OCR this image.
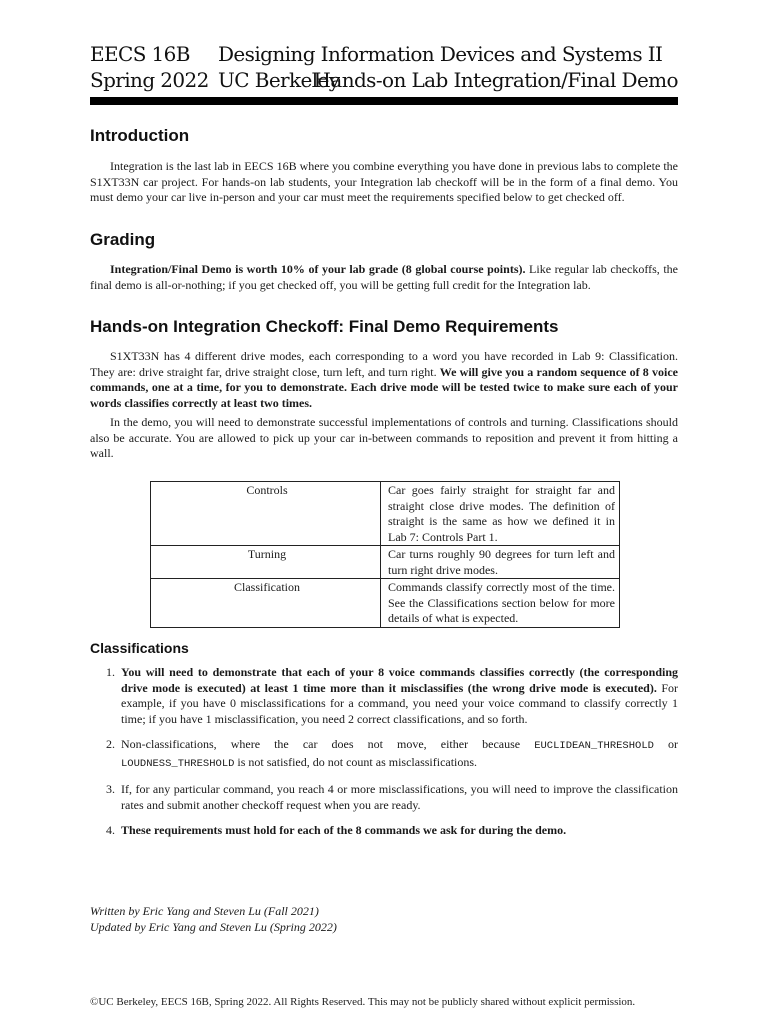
EECS 16B Designing Information Devices and Systems II
Spring 2022 UC Berkeley
Hands-on Lab Integration/Final Demo
Introduction

Integration is the last lab in EECS 16B where you combine everything you have done in previous labs to complete the S1XT33N car project. For hands-on lab students, your Integration lab checkoff will be in the form of a final demo. You must demo your car live in-person and your car must meet the requirements specified below to get checked off.

Grading

Integration/Final Demo is worth 10% of your lab grade (8 global course points). Like regular lab checkoffs, the final demo is all-or-nothing; if you get checked off, you will be getting full credit for the Integration lab.

Hands-on Integration Checkoff: Final Demo Requirements

S1XT33N has 4 different drive modes, each corresponding to a word you have recorded in Lab 9: Classification. They are: drive straight far, drive straight close, turn left, and turn right. We will give you a random sequence of 8 voice commands, one at a time, for you to demonstrate. Each drive mode will be tested twice to make sure each of your words classifies correctly at least two times.

In the demo, you will need to demonstrate successful implementations of controls and turning. Classifications should also be accurate. You are allowed to pick up your car in-between commands to reposition and prevent it from hitting a wall.

Controls	Car goes fairly straight for straight far and straight close drive modes. The definition of straight is the same as how we defined it in Lab 7: Controls Part 1.
Turning	Car turns roughly 90 degrees for turn left and turn right drive modes.
Classification	Commands classify correctly most of the time. See the Classifications section below for more details of what is expected.
Classifications
1. You will need to demonstrate that each of your 8 voice commands classifies correctly (the corresponding drive mode is executed) at least 1 time more than it misclassifies (the wrong drive mode is executed). For example, if you have 0 misclassifications for a command, you need your voice command to classify correctly 1 time; if you have 1 misclassification, you need 2 correct classifications, and so forth.
2. Non-classifications, where the car does not move, either because EUCLIDEAN_THRESHOLD or LOUDNESS_THRESHOLD is not satisfied, do not count as misclassifications.
3. If, for any particular command, you reach 4 or more misclassifications, you will need to improve the classification rates and submit another checkoff request when you are ready.
4. These requirements must hold for each of the 8 commands we ask for during the demo.
Written by Eric Yang and Steven Lu (Fall 2021)
Updated by Eric Yang and Steven Lu (Spring 2022)
©UC Berkeley, EECS 16B, Spring 2022. All Rights Reserved. This may not be publicly shared without explicit permission.
